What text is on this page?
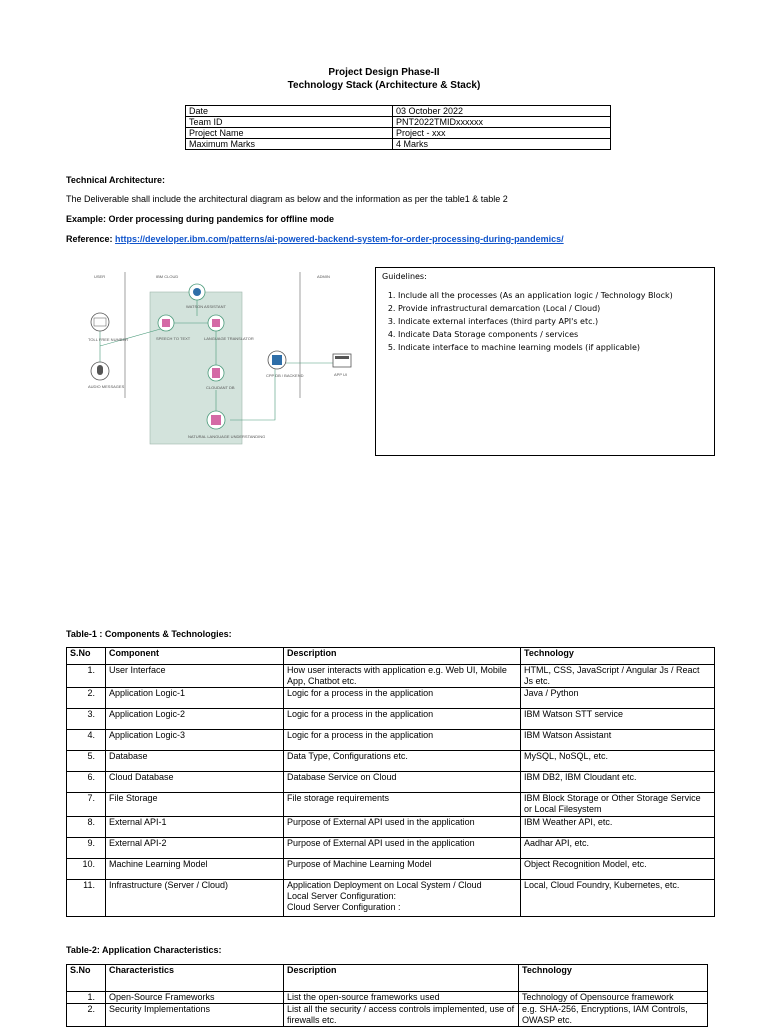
Project Design Phase-II
Technology Stack (Architecture & Stack)
Date	03 October 2022
Team ID	PNT2022TMIDxxxxxx
Project Name	Project - xxx
Maximum Marks	4 Marks
Technical Architecture:
The Deliverable shall include the architectural diagram as below and the information as per the table1 & table 2
Example: Order processing during pandemics for offline mode
Reference: https://developer.ibm.com/patterns/ai-powered-backend-system-for-order-processing-during-pandemics/
USER	IBM CLOUD	ADMIN
WATSON ASSISTANT
SPEECH TO TEXT	LANGUAGE TRANSLATOR
CLOUDANT DB
NATURAL LANGUAGE UNDERSTANDING
TOLL FREE NUMBER
AUDIO MESSAGES
CPP DB / BACKEND	APP UI
Guidelines:
1. Include all the processes (As an application logic / Technology Block)
2. Provide infrastructural demarcation (Local / Cloud)
3. Indicate external interfaces (third party API's etc.)
4. Indicate Data Storage components / services
5. Indicate interface to machine learning models (if applicable)
Table-1 : Components & Technologies:
S.No	Component	Description	Technology
1.	User Interface	How user interacts with application e.g. Web UI, Mobile App, Chatbot etc.	HTML, CSS, JavaScript / Angular Js / React Js etc.
2.	Application Logic-1	Logic for a process in the application	Java / Python
3.	Application Logic-2	Logic for a process in the application	IBM Watson STT service
4.	Application Logic-3	Logic for a process in the application	IBM Watson Assistant
5.	Database	Data Type, Configurations etc.	MySQL, NoSQL, etc.
6.	Cloud Database	Database Service on Cloud	IBM DB2, IBM Cloudant etc.
7.	File Storage	File storage requirements	IBM Block Storage or Other Storage Service or Local Filesystem
8.	External API-1	Purpose of External API used in the application	IBM Weather API, etc.
9.	External API-2	Purpose of External API used in the application	Aadhar API, etc.
10.	Machine Learning Model	Purpose of Machine Learning Model	Object Recognition Model, etc.
11.	Infrastructure (Server / Cloud)	Application Deployment on Local System / Cloud
Local Server Configuration:
Cloud Server Configuration :	Local, Cloud Foundry, Kubernetes, etc.
Table-2: Application Characteristics:
S.No	Characteristics	Description	Technology
1.	Open-Source Frameworks	List the open-source frameworks used	Technology of Opensource framework
2.	Security Implementations	List all the security / access controls implemented, use of firewalls etc.	e.g. SHA-256, Encryptions, IAM Controls, OWASP etc.
